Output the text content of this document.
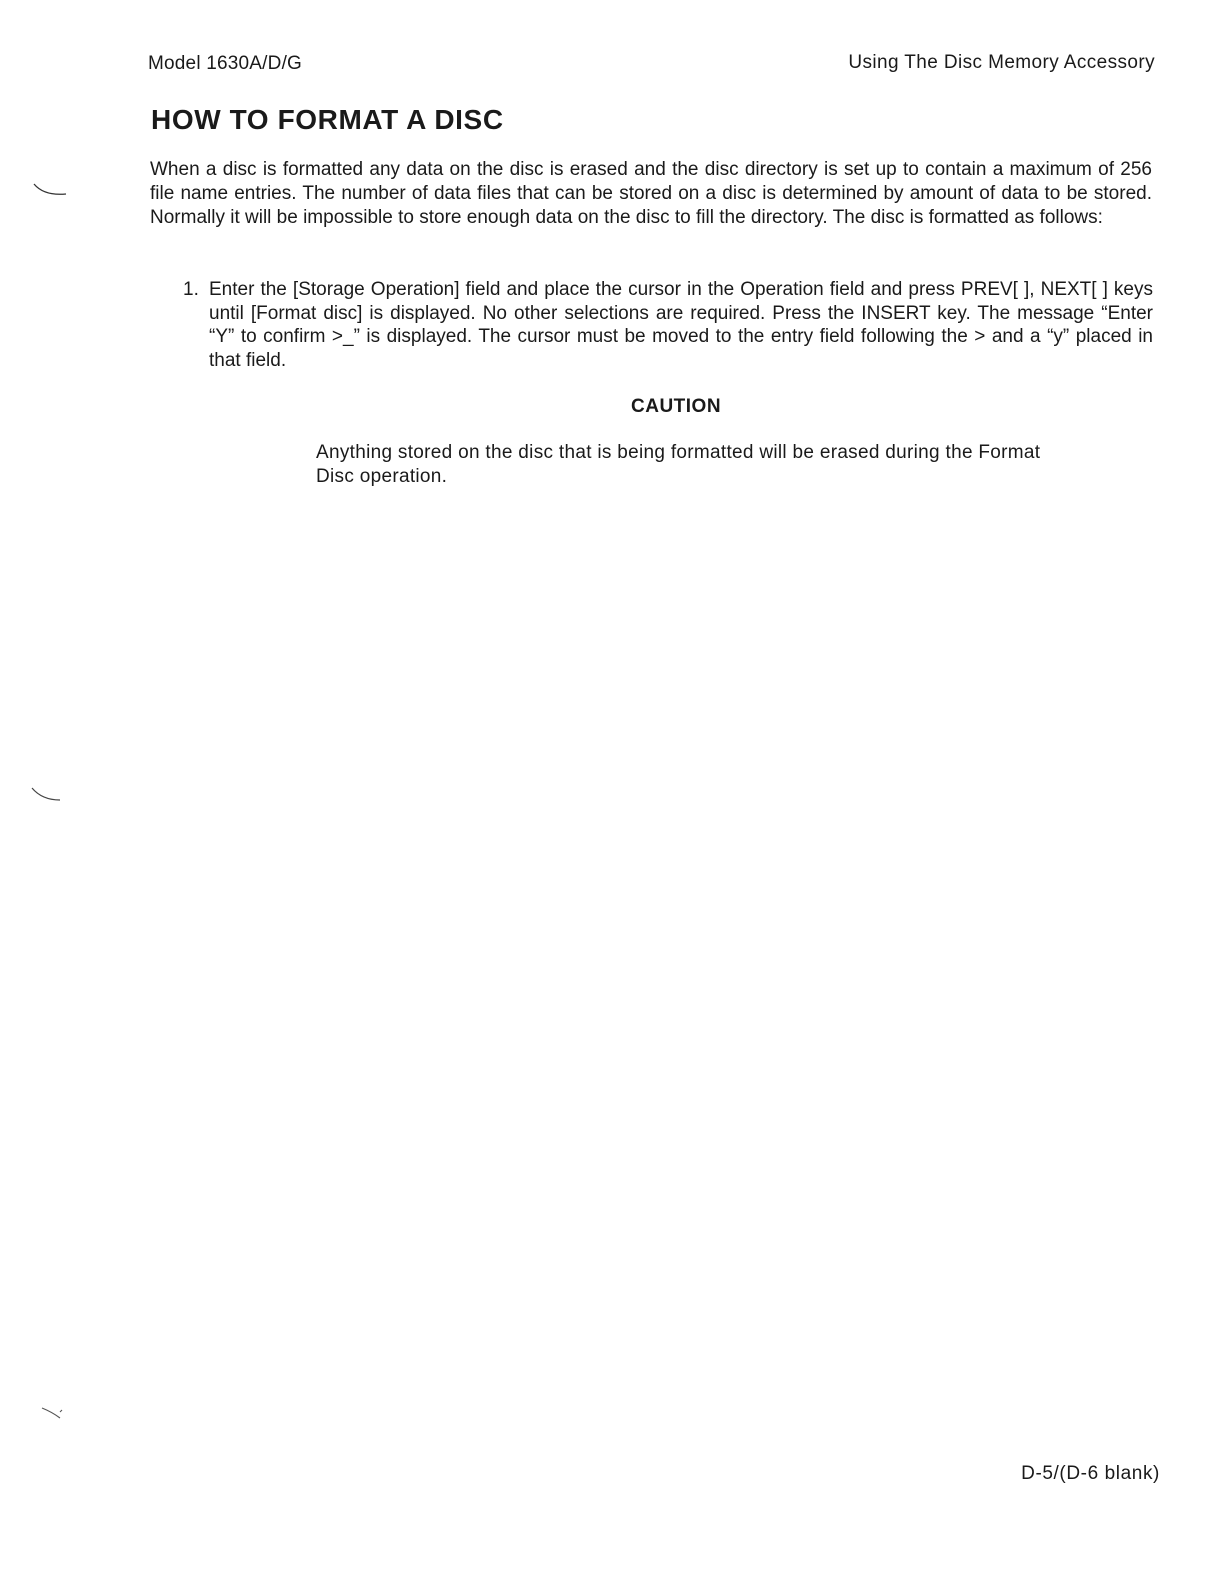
Model 1630A/D/G	Using The Disc Memory Accessory
HOW TO FORMAT A DISC

When a disc is formatted any data on the disc is erased and the disc directory is set up to contain a maximum of 256 file name entries. The number of data files that can be stored on a disc is determined by amount of data to be stored. Normally it will be impossible to store enough data on the disc to fill the directory. The disc is formatted as follows:

1. Enter the [Storage Operation] field and place the cursor in the Operation field and press PREV[ ], NEXT[ ] keys until [Format disc] is displayed. No other selections are required. Press the INSERT key. The message “Enter “Y” to confirm >_” is displayed. The cursor must be moved to the entry field following the > and a “y” placed in that field.
CAUTION

Anything stored on the disc that is being formatted will be erased during the Format Disc operation.

D-5/(D-6 blank)
